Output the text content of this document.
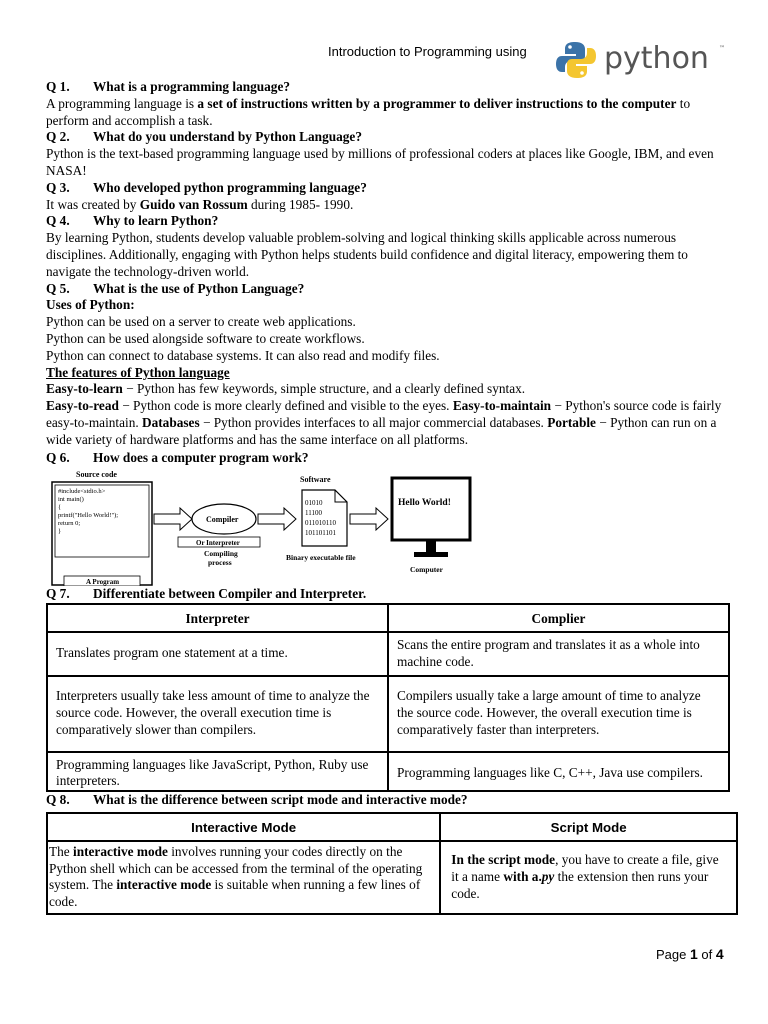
Introduction to Programming using	python ™
Q 1. What is a programming language?

A programming language is a set of instructions written by a programmer to deliver instructions to the computer to perform and accomplish a task.

Q 2. What do you understand by Python Language?

Python is the text-based programming language used by millions of professional coders at places like Google, IBM, and even NASA!

Q 3. Who developed python programming language?

It was created by Guido van Rossum during 1985- 1990.

Q 4. Why to learn Python?

By learning Python, students develop valuable problem-solving and logical thinking skills applicable across numerous disciplines. Additionally, engaging with Python helps students build confidence and digital literacy, empowering them to navigate the technology-driven world.

Q 5. What is the use of Python Language?

Uses of Python:

Python can be used on a server to create web applications.

Python can be used alongside software to create workflows.

Python can connect to database systems. It can also read and modify files.

The features of Python language

Easy-to-learn − Python has few keywords, simple structure, and a clearly defined syntax.

Easy-to-read − Python code is more clearly defined and visible to the eyes. Easy-to-maintain − Python's source code is fairly easy-to-maintain. Databases − Python provides interfaces to all major commercial databases. Portable − Python can run on a wide variety of hardware platforms and has the same interface on all platforms.

Q 6. How does a computer program work?
Source code
#include<stdio.h>
int main()
{
printf("Hello World!");
return 0;
}
A Program
Compiler
Or Interpreter
Compiling
process
Software
01010
11100
011010110
101101101
Binary executable file
Hello World!
Computer
Q 7. Differentiate between Compiler and Interpreter.
Interpreter	Complier
Translates program one statement at a time.	Scans the entire program and translates it as a whole into machine code.
Interpreters usually take less amount of time to analyze the source code. However, the overall execution time is comparatively slower than compilers.	Compilers usually take a large amount of time to analyze the source code. However, the overall execution time is comparatively faster than interpreters.
Programming languages like JavaScript, Python, Ruby use interpreters.	Programming languages like C, C++, Java use compilers.
Q 8. What is the difference between script mode and interactive mode?
Interactive Mode	Script Mode
The interactive mode involves running your codes directly on the Python shell which can be accessed from the terminal of the operating system. The interactive mode is suitable when running a few lines of code.	In the script mode, you have to create a file, give it a name with a.py the extension then runs your code.
Page 1 of 4
